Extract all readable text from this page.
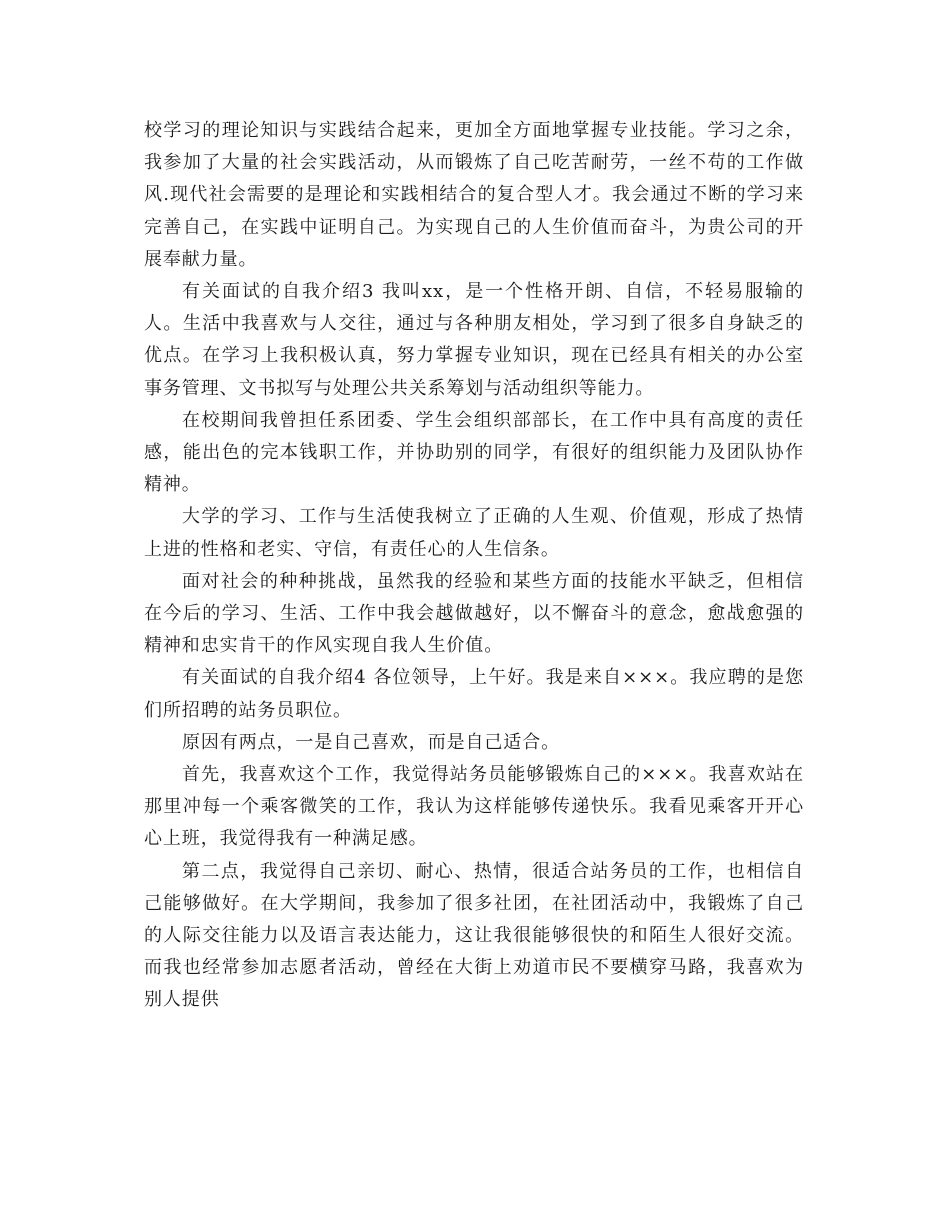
校学习的理论知识与实践结合起来，更加全方面地掌握专业技能。学习之余，我参加了大量的社会实践活动，从而锻炼了自己吃苦耐劳，一丝不苟的工作做风.现代社会需要的是理论和实践相结合的复合型人才。我会通过不断的学习来完善自己，在实践中证明自己。为实现自己的人生价值而奋斗，为贵公司的开展奉献力量。

有关面试的自我介绍3 我叫xx，是一个性格开朗、自信，不轻易服输的人。生活中我喜欢与人交往，通过与各种朋友相处，学习到了很多自身缺乏的优点。在学习上我积极认真，努力掌握专业知识，现在已经具有相关的办公室事务管理、文书拟写与处理公共关系筹划与活动组织等能力。

在校期间我曾担任系团委、学生会组织部部长，在工作中具有高度的责任感，能出色的完本钱职工作，并协助别的同学，有很好的组织能力及团队协作精神。

大学的学习、工作与生活使我树立了正确的人生观、价值观，形成了热情上进的性格和老实、守信，有责任心的人生信条。

面对社会的种种挑战，虽然我的经验和某些方面的技能水平缺乏，但相信在今后的学习、生活、工作中我会越做越好，以不懈奋斗的意念，愈战愈强的精神和忠实肯干的作风实现自我人生价值。

有关面试的自我介绍4 各位领导，上午好。我是来自×××。我应聘的是您们所招聘的站务员职位。

原因有两点，一是自己喜欢，而是自己适合。

首先，我喜欢这个工作，我觉得站务员能够锻炼自己的×××。我喜欢站在那里冲每一个乘客微笑的工作，我认为这样能够传递快乐。我看见乘客开开心心上班，我觉得我有一种满足感。

第二点，我觉得自己亲切、耐心、热情，很适合站务员的工作，也相信自己能够做好。在大学期间，我参加了很多社团，在社团活动中，我锻炼了自己的人际交往能力以及语言表达能力，这让我很能够很快的和陌生人很好交流。而我也经常参加志愿者活动，曾经在大街上劝道市民不要横穿马路，我喜欢为别人提供
